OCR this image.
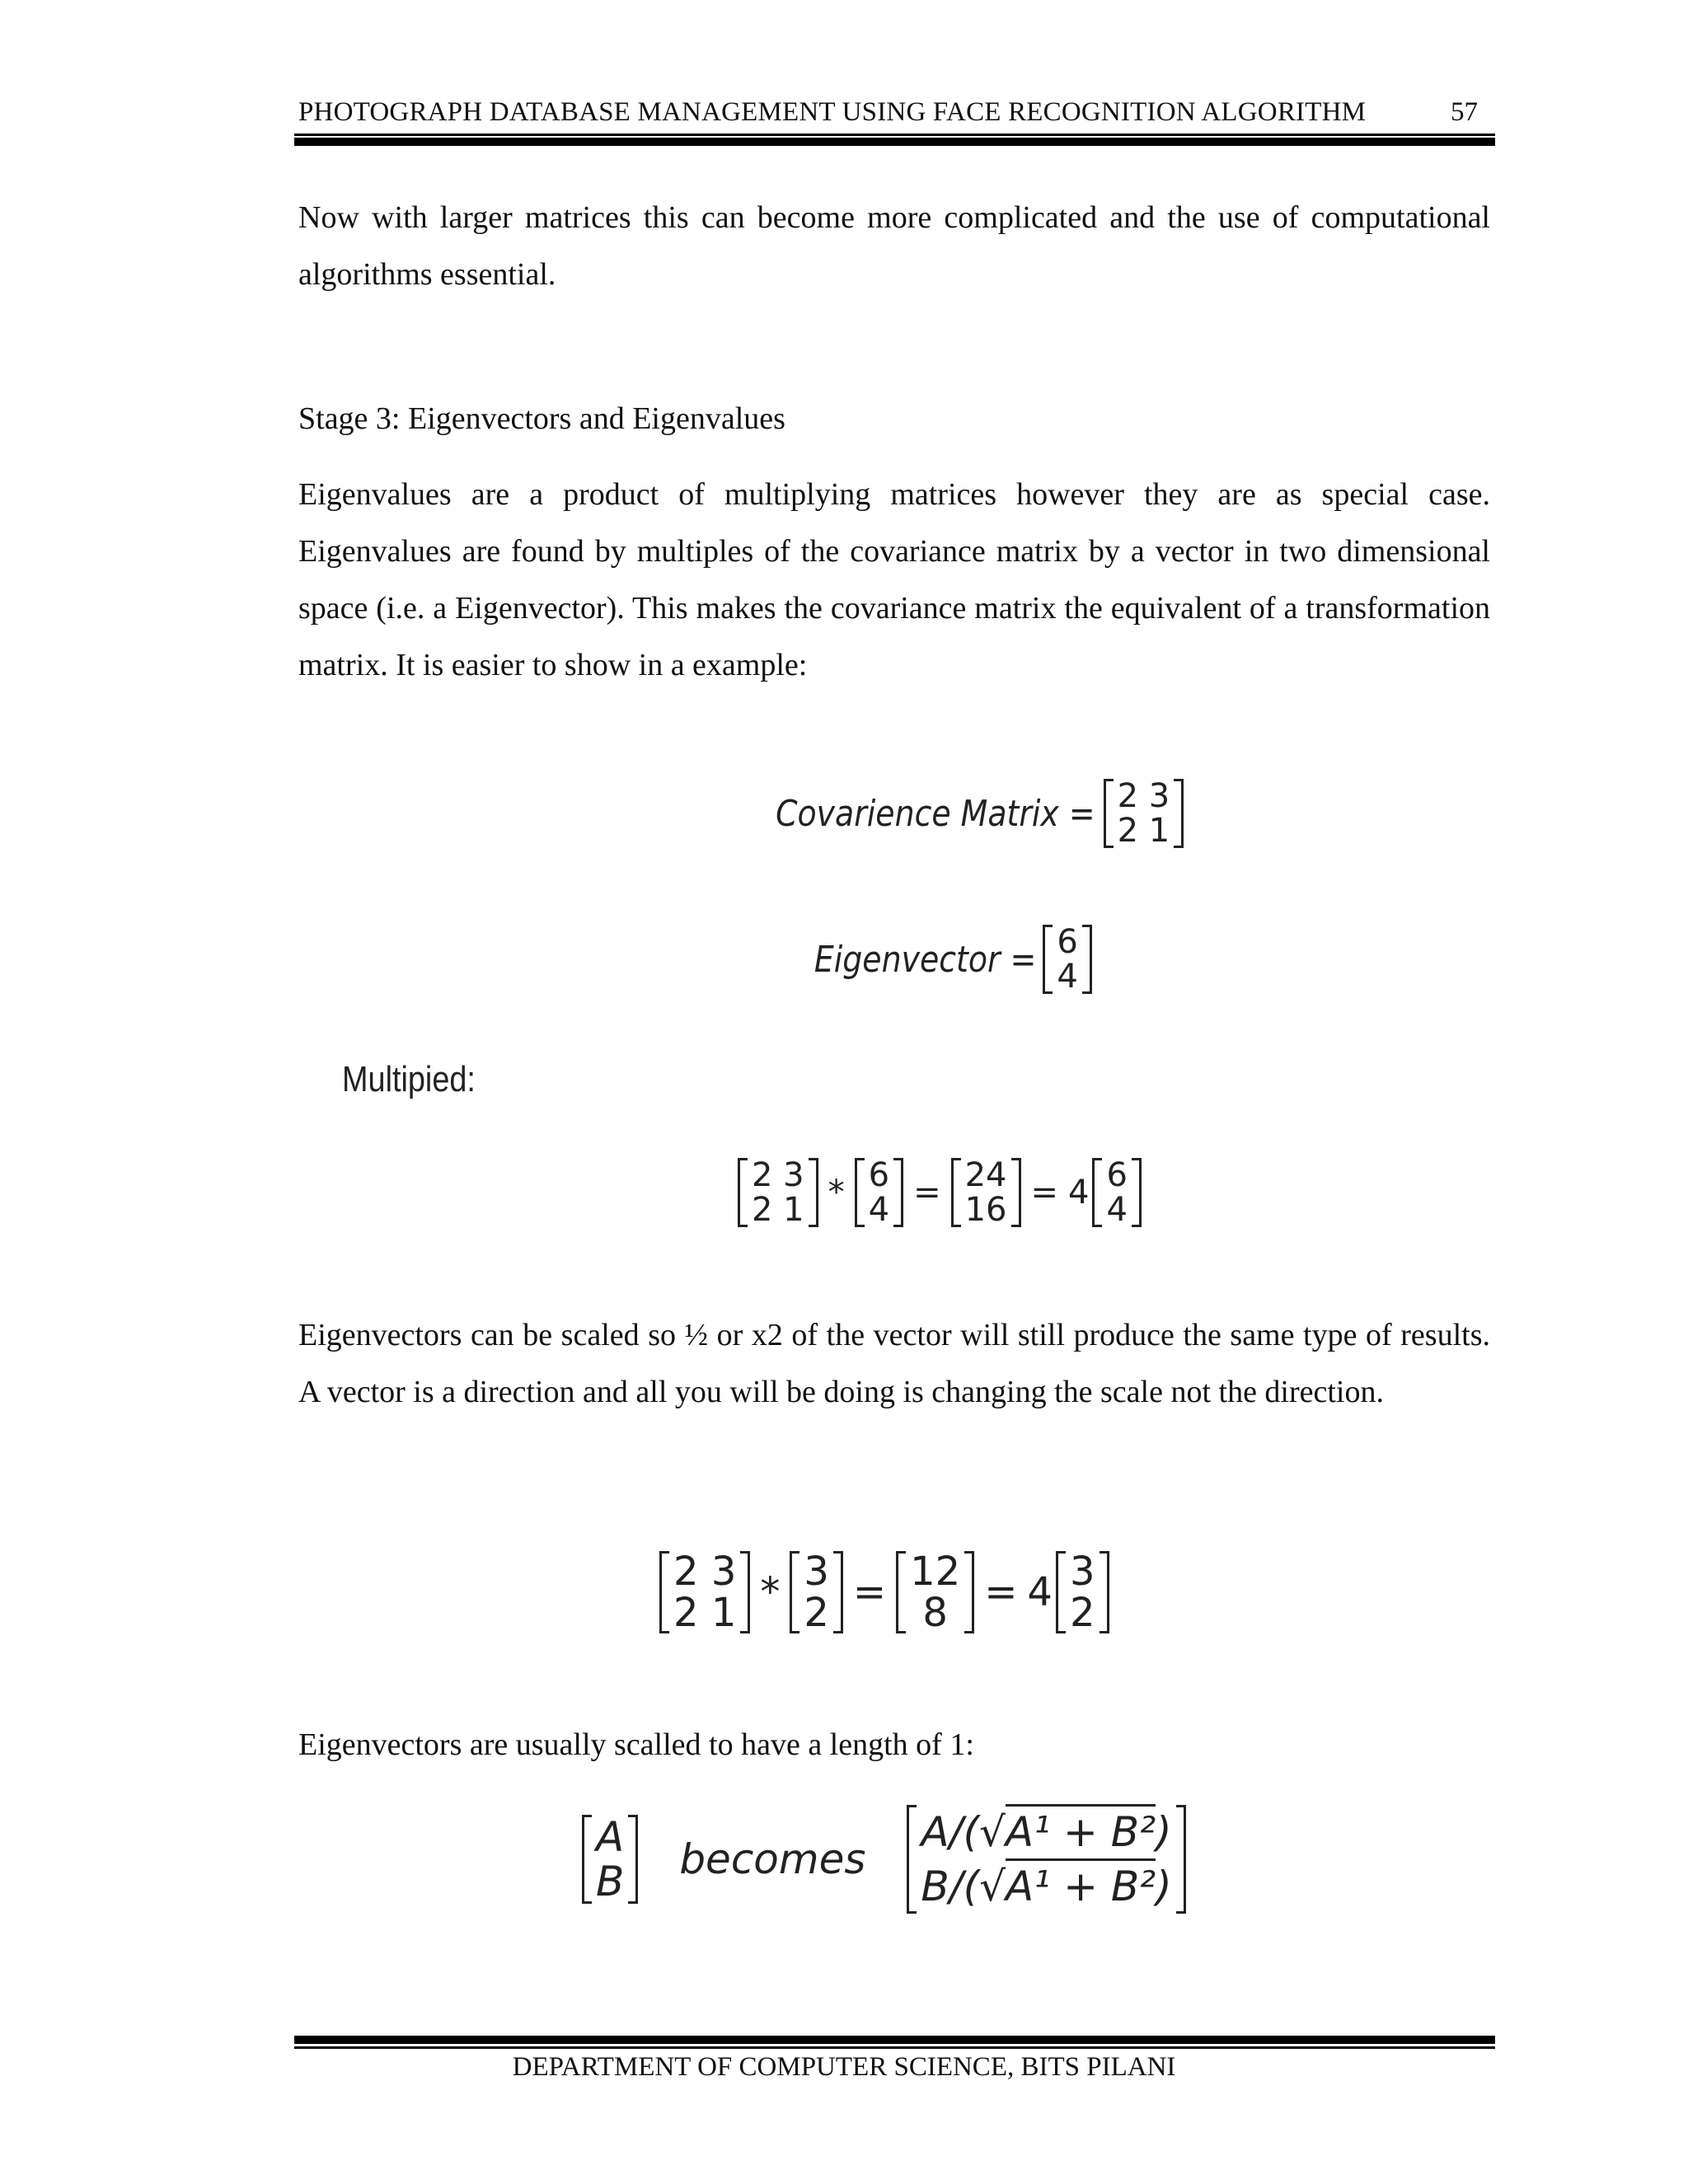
PHOTOGRAPH DATABASE MANAGEMENT USING FACE RECOGNITION ALGORITHM	57
Now with larger matrices this can become more complicated and the use of computational algorithms essential.
Stage 3: Eigenvectors and Eigenvalues
Eigenvalues are a product of multiplying matrices however they are as special case. Eigenvalues are found by multiples of the covariance matrix by a vector in two dimensional space (i.e. a Eigenvector). This makes the covariance matrix the equivalent of a transformation matrix. It is easier to show in a example:
Covarience Matrix = 2 3
2 1
Eigenvector = 6
4
Multipied:
2 3
2 1 * 6
4 = 24
16 = 4 6
4
Eigenvectors can be scaled so ½ or x2 of the vector will still produce the same type of results. A vector is a direction and all you will be doing is changing the scale not the direction.
2 3
2 1 * 3
2 = 12
8 = 4 3
2
Eigenvectors are usually scalled to have a length of 1:
A
B	becomes
A/(√A¹ + B²)
B/(√A¹ + B²)
DEPARTMENT OF COMPUTER SCIENCE, BITS PILANI
